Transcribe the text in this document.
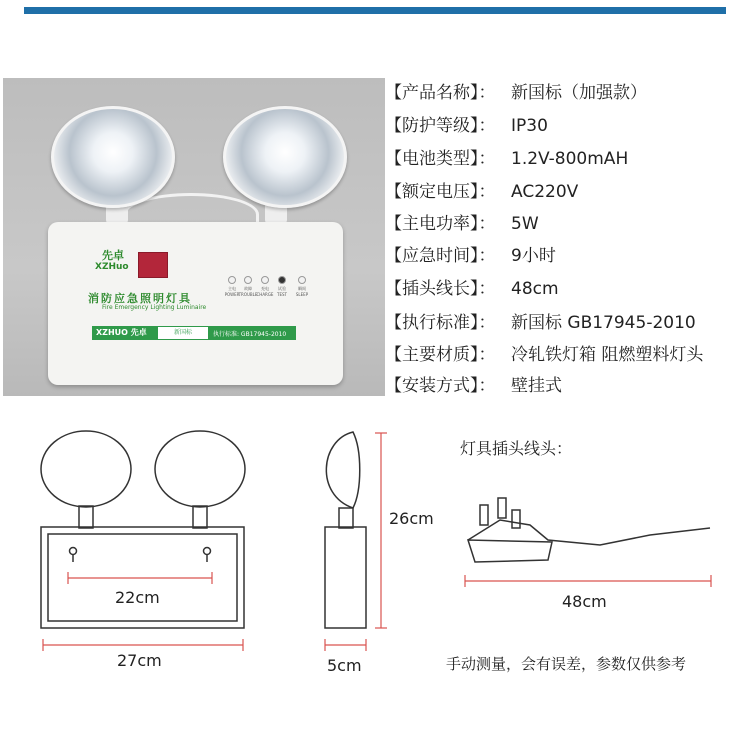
先卓
XZHuo
消防应急照明灯具
Fire Emergency Lighting Luminaire
XZHUO 先卓	新国标	执行标准: GB17945-2010
主电
POWER
故障
TROUBLE
充电
CHARGE
试验
TEST
瞬间
SLEEP
【产品名称】： 新国标（加强款）
【防护等级】： IP30
【电池类型】： 1.2V-800mAH
【额定电压】： AC220V
【主电功率】： 5W
【应急时间】： 9小时
【插头线长】： 48cm
【执行标准】： 新国标 GB17945-2010
【主要材质】： 冷轧铁灯箱 阻燃塑料灯头
【安装方式】： 壁挂式
22cm
27cm
26cm
5cm
灯具插头线头：
48cm
手动测量，会有误差，参数仅供参考
